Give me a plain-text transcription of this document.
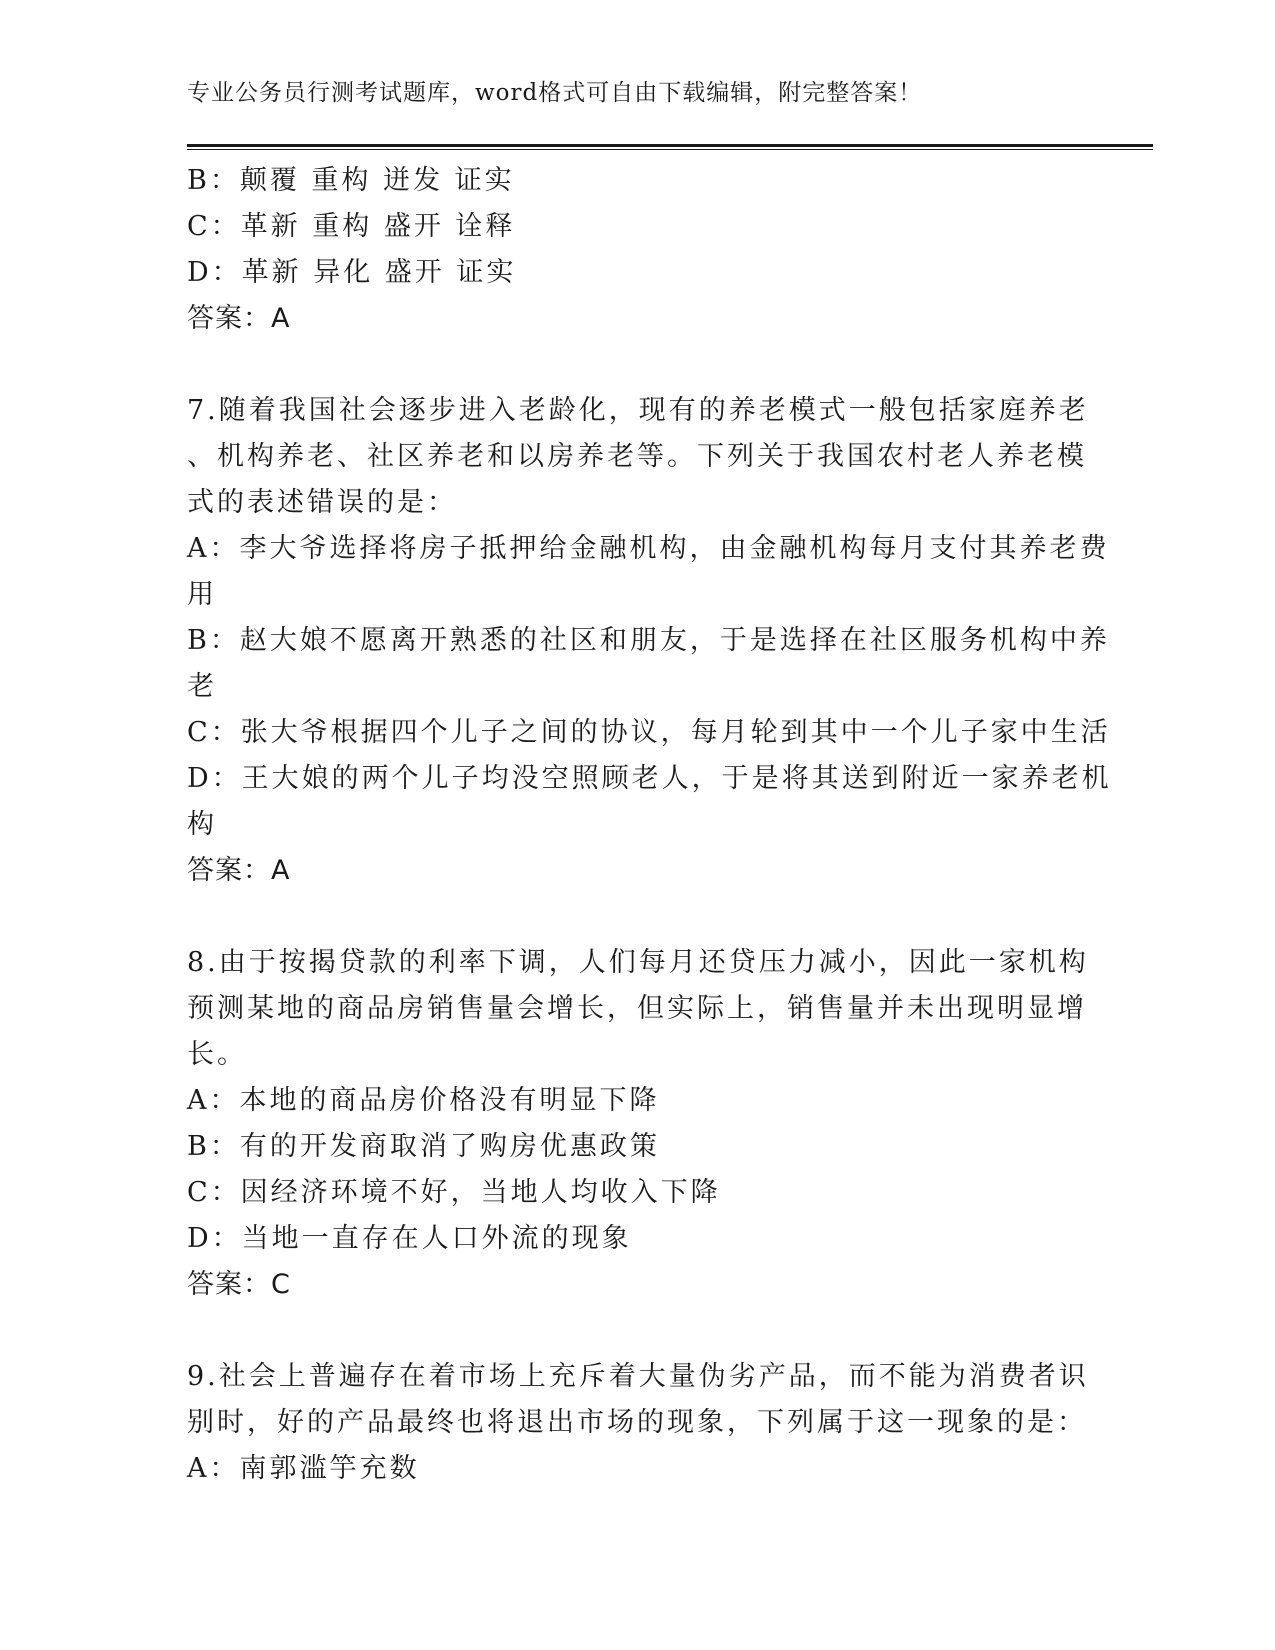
专业公务员行测考试题库，word格式可自由下载编辑，附完整答案！
B：颠覆 重构 迸发 证实
C：革新 重构 盛开 诠释
D：革新 异化 盛开 证实
答案：A
7.随着我国社会逐步进入老龄化，现有的养老模式一般包括家庭养老
、机构养老、社区养老和以房养老等。下列关于我国农村老人养老模
式的表述错误的是：
A：李大爷选择将房子抵押给金融机构，由金融机构每月支付其养老费
用
B：赵大娘不愿离开熟悉的社区和朋友，于是选择在社区服务机构中养
老
C：张大爷根据四个儿子之间的协议，每月轮到其中一个儿子家中生活
D：王大娘的两个儿子均没空照顾老人，于是将其送到附近一家养老机
构
答案：A
8.由于按揭贷款的利率下调，人们每月还贷压力减小，因此一家机构
预测某地的商品房销售量会增长，但实际上，销售量并未出现明显增
长。
A：本地的商品房价格没有明显下降
B：有的开发商取消了购房优惠政策
C：因经济环境不好，当地人均收入下降
D：当地一直存在人口外流的现象
答案：C
9.社会上普遍存在着市场上充斥着大量伪劣产品，而不能为消费者识
别时，好的产品最终也将退出市场的现象，下列属于这一现象的是：
A：南郭滥竽充数
